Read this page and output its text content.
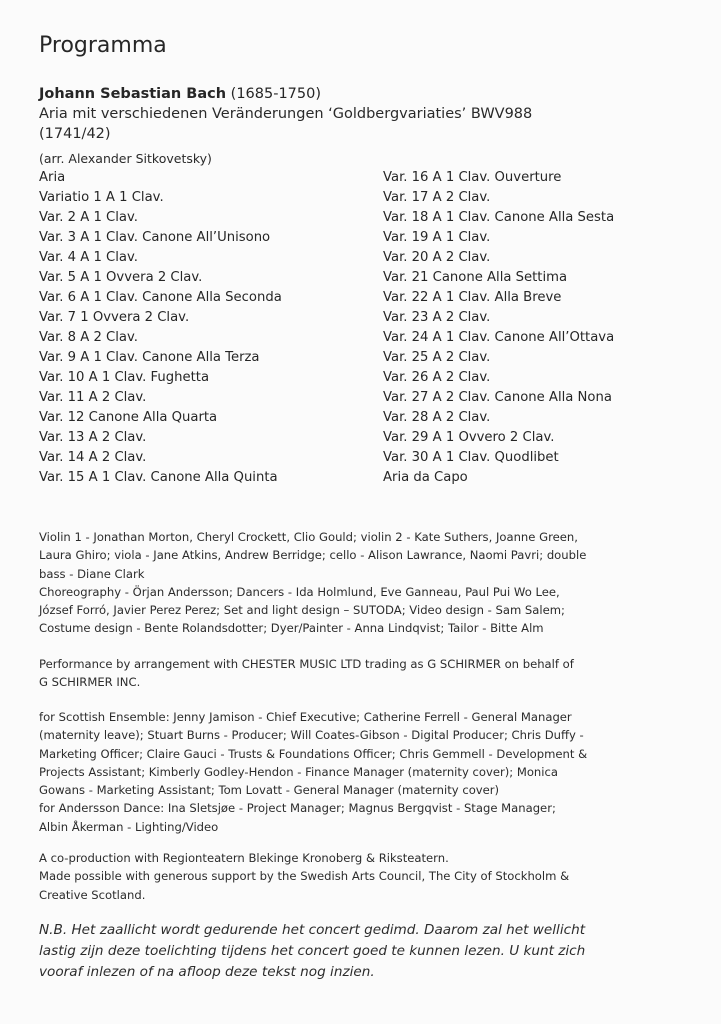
Programma
Johann Sebastian Bach (1685-1750)
Aria mit verschiedenen Veränderungen ‘Goldbergvariaties’ BWV988
(1741/42)
(arr. Alexander Sitkovetsky)
Aria
Variatio 1 A 1 Clav.
Var. 2 A 1 Clav.
Var. 3 A 1 Clav. Canone All’Unisono
Var. 4 A 1 Clav.
Var. 5 A 1 Ovvera 2 Clav.
Var. 6 A 1 Clav. Canone Alla Seconda
Var. 7 1 Ovvera 2 Clav.
Var. 8 A 2 Clav.
Var. 9 A 1 Clav. Canone Alla Terza
Var. 10 A 1 Clav. Fughetta
Var. 11 A 2 Clav.
Var. 12 Canone Alla Quarta
Var. 13 A 2 Clav.
Var. 14 A 2 Clav.
Var. 15 A 1 Clav. Canone Alla Quinta
Var. 16 A 1 Clav. Ouverture
Var. 17 A 2 Clav.
Var. 18 A 1 Clav. Canone Alla Sesta
Var. 19 A 1 Clav.
Var. 20 A 2 Clav.
Var. 21 Canone Alla Settima
Var. 22 A 1 Clav. Alla Breve
Var. 23 A 2 Clav.
Var. 24 A 1 Clav. Canone All’Ottava
Var. 25 A 2 Clav.
Var. 26 A 2 Clav.
Var. 27 A 2 Clav. Canone Alla Nona
Var. 28 A 2 Clav.
Var. 29 A 1 Ovvero 2 Clav.
Var. 30 A 1 Clav. Quodlibet
Aria da Capo

Violin 1 - Jonathan Morton, Cheryl Crockett, Clio Gould; violin 2 - Kate Suthers, Joanne Green,
Laura Ghiro; viola - Jane Atkins, Andrew Berridge; cello - Alison Lawrance, Naomi Pavri; double
bass - Diane Clark
Choreography - Örjan Andersson; Dancers - Ida Holmlund, Eve Ganneau, Paul Pui Wo Lee,
József Forró, Javier Perez Perez; Set and light design – SUTODA; Video design - Sam Salem;
Costume design - Bente Rolandsdotter; Dyer/Painter - Anna Lindqvist; Tailor - Bitte Alm

Performance by arrangement with CHESTER MUSIC LTD trading as G SCHIRMER on behalf of
G SCHIRMER INC.

for Scottish Ensemble: Jenny Jamison - Chief Executive; Catherine Ferrell - General Manager
(maternity leave); Stuart Burns - Producer; Will Coates-Gibson - Digital Producer; Chris Duffy -
Marketing Officer; Claire Gauci - Trusts & Foundations Officer; Chris Gemmell - Development &
Projects Assistant; Kimberly Godley-Hendon - Finance Manager (maternity cover); Monica
Gowans - Marketing Assistant; Tom Lovatt - General Manager (maternity cover)
for Andersson Dance: Ina Sletsjøe - Project Manager; Magnus Bergqvist - Stage Manager;
Albin Åkerman - Lighting/Video

A co-production with Regionteatern Blekinge Kronoberg & Riksteatern.
Made possible with generous support by the Swedish Arts Council, The City of Stockholm &
Creative Scotland.

N.B. Het zaallicht wordt gedurende het concert gedimd. Daarom zal het wellicht
lastig zijn deze toelichting tijdens het concert goed te kunnen lezen. U kunt zich
vooraf inlezen of na afloop deze tekst nog inzien.
